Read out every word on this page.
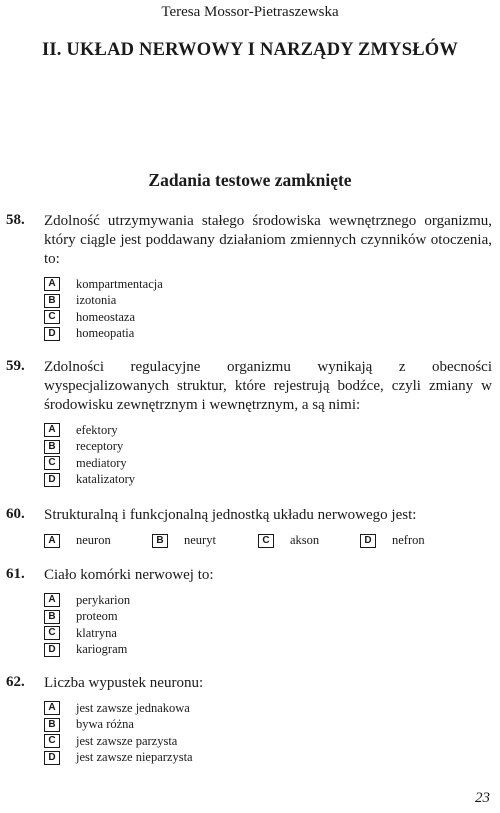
Teresa Mossor-Pietraszewska
II. UKŁAD NERWOWY I NARZĄDY ZMYSŁÓW
Zadania testowe zamknięte
58. Zdolność utrzymywania stałego środowiska wewnętrznego organizmu, który ciągle jest poddawany działaniom zmiennych czynników otoczenia, to:
A	kompartmentacja
B	izotonia
C	homeostaza
D	homeopatia
59. Zdolności regulacyjne organizmu wynikają z obecności wyspecjalizowanych struktur, które rejestrują bodźce, czyli zmiany w środowisku zewnętrznym i wewnętrznym, a są nimi:
A	efektory
B	receptory
C	mediatory
D	katalizatory
60. Strukturalną i funkcjonalną jednostką układu nerwowego jest:
A	neuron	B	neuryt	C	akson	D	nefron
61. Ciało komórki nerwowej to:
A	perykarion
B	proteom
C	klatryna
D	kariogram
62. Liczba wypustek neuronu:
A	jest zawsze jednakowa
B	bywa różna
C	jest zawsze parzysta
D	jest zawsze nieparzysta
23
